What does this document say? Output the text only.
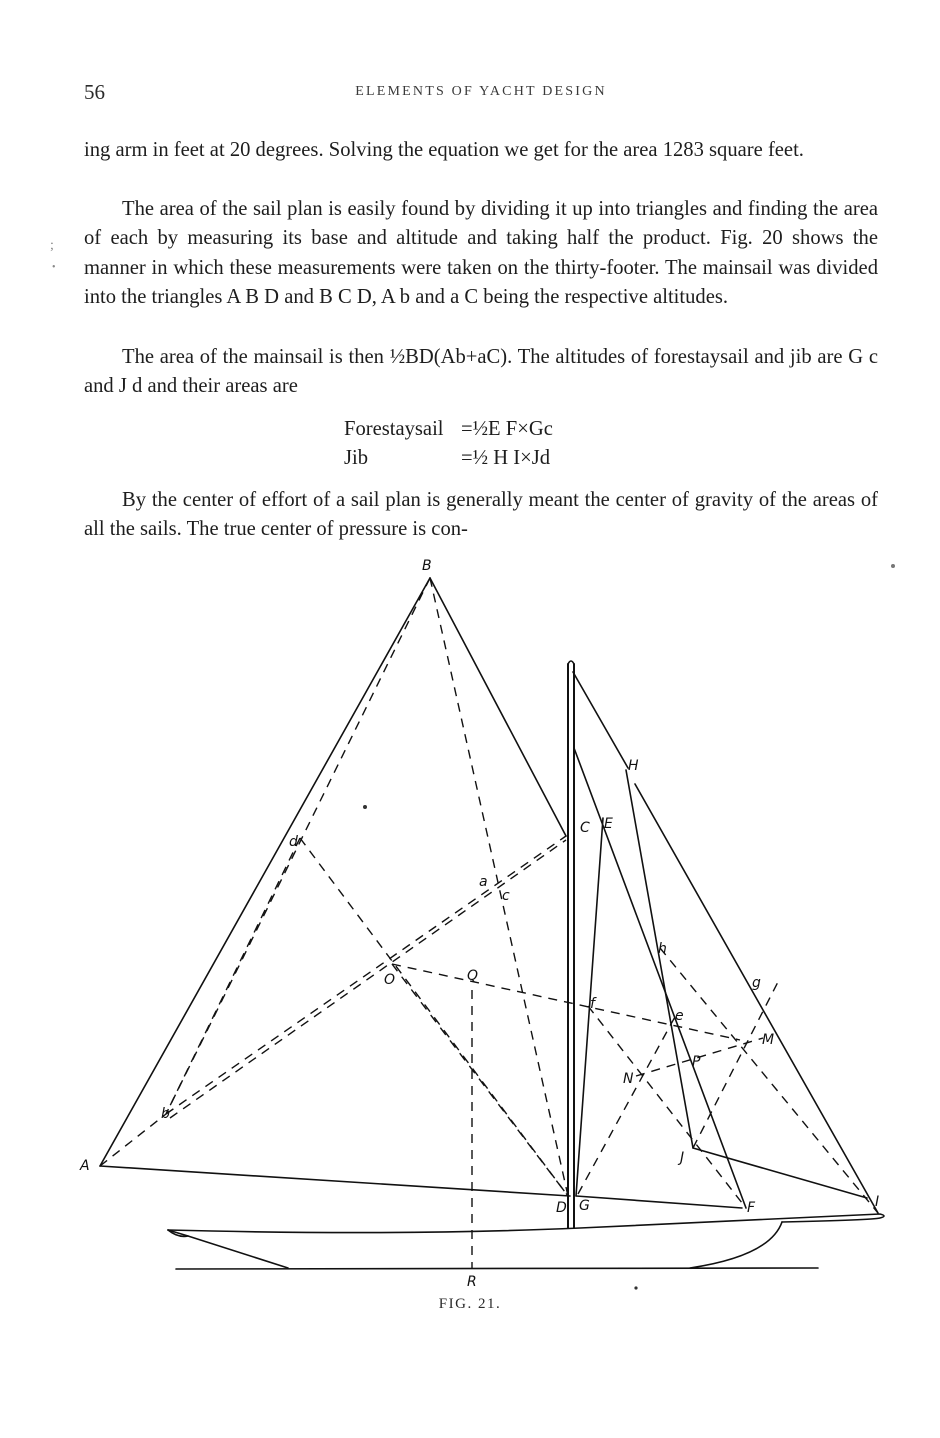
56	ELEMENTS OF YACHT DESIGN
;
•

ing arm in feet at 20 degrees. Solving the equation we get for the area 1283 square feet.

The area of the sail plan is easily found by dividing it up into triangles and finding the area of each by measuring its base and altitude and taking half the product. Fig. 20 shows the manner in which these measurements were taken on the thirty-footer. The mainsail was divided into the triangles A B D and B C D, A b and a C being the respective altitudes.

The area of the mainsail is then ½BD(Ab+aC). The altitudes of forestaysail and jib are G c and J d and their areas are

Forestaysail =½E F×Gc
Jib	=½ H I×Jd

By the center of effort of a sail plan is generally meant the center of gravity of the areas of all the sails. The true center of pressure is con-

B
A
C E
H
D G	F	I
J
M
N
O
P
Q
R
a
b
c
d
e
f
g
h
FIG. 21.
